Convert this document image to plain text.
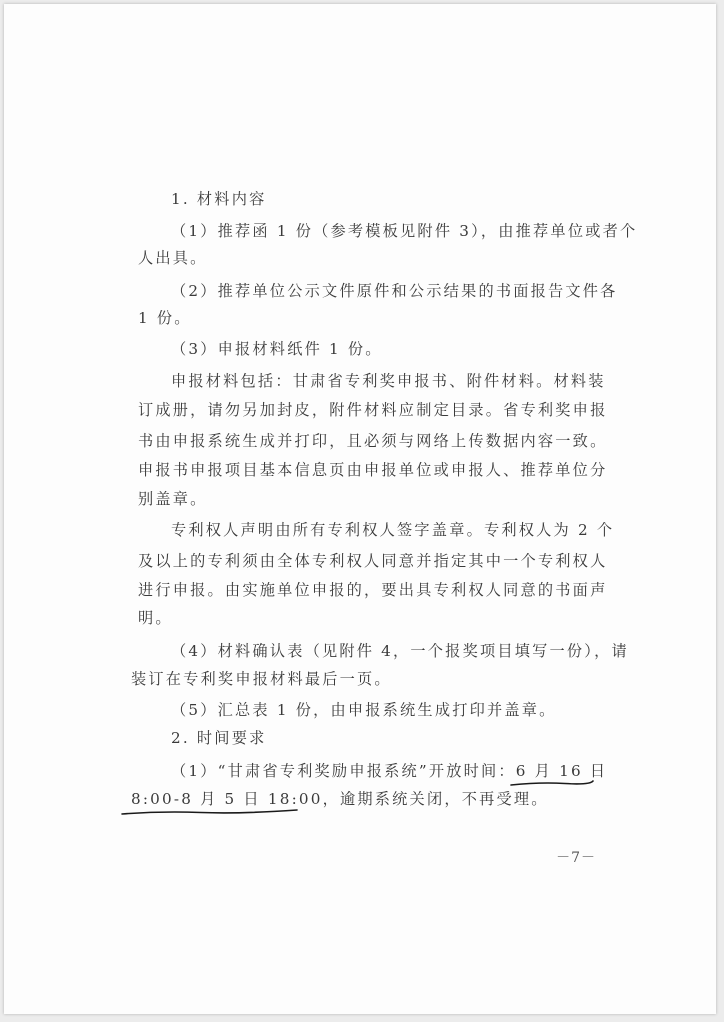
1. 材料内容
（1）推荐函 1 份（参考模板见附件 3），由推荐单位或者个
人出具。
（2）推荐单位公示文件原件和公示结果的书面报告文件各
1 份。
（3）申报材料纸件 1 份。
申报材料包括：甘肃省专利奖申报书、附件材料。材料装
订成册，请勿另加封皮，附件材料应制定目录。省专利奖申报
书由申报系统生成并打印，且必须与网络上传数据内容一致。
申报书申报项目基本信息页由申报单位或申报人、推荐单位分
别盖章。
专利权人声明由所有专利权人签字盖章。专利权人为 2 个
及以上的专利须由全体专利权人同意并指定其中一个专利权人
进行申报。由实施单位申报的，要出具专利权人同意的书面声
明。
（4）材料确认表（见附件 4，一个报奖项目填写一份），请
装订在专利奖申报材料最后一页。
（5）汇总表 1 份，由申报系统生成打印并盖章。
2. 时间要求
（1）“甘肃省专利奖励申报系统”开放时间：6 月 16 日
8:00-8 月 5 日 18:00
，逾期系统关闭，不再受理。
－7－
